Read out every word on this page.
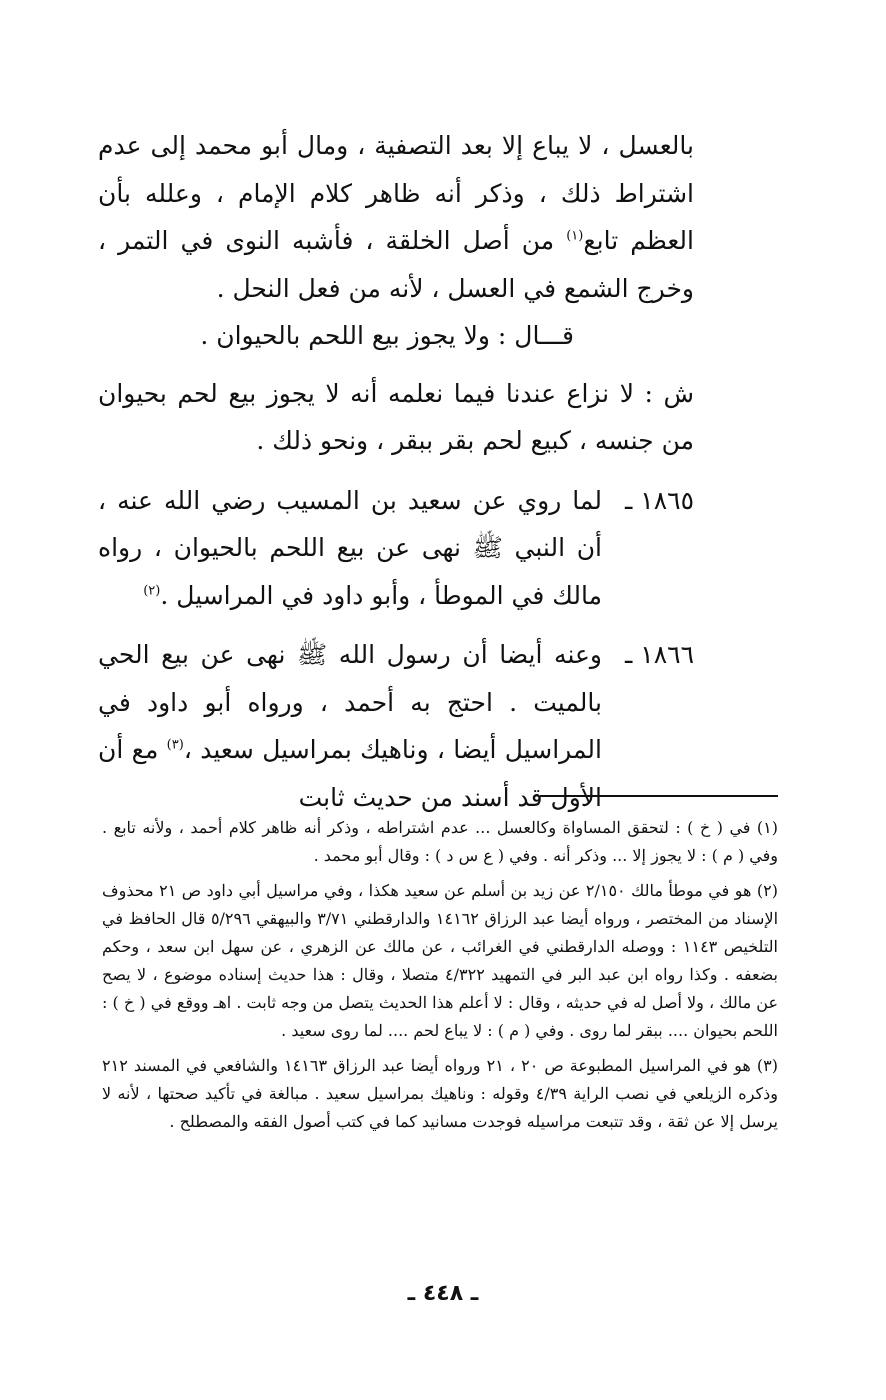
بالعسل ، لا يباع إلا بعد التصفية ، ومال أبو محمد إلى عدم اشتراط ذلك ، وذكر أنه ظاهر كلام الإمام ، وعلله بأن العظم تابع$^{(١)}$ من أصل الخلقة ، فأشبه النوى في التمر ، وخرج الشمع في العسل ، لأنه من فعل النحل .

قـــال : ولا يجوز بيع اللحم بالحيوان .

ش : لا نزاع عندنا فيما نعلمه أنه لا يجوز بيع لحم بحيوان من جنسه ، كبيع لحم بقر ببقر ، ونحو ذلك .

١٨٦٥ ـ
لما روي عن سعيد بن المسيب رضي الله عنه ، أن النبي ﷺ نهى عن بيع اللحم بالحيوان ، رواه مالك في الموطأ ، وأبو داود في المراسيل .$^{(٢)}$
١٨٦٦ ـ
وعنه أيضا أن رسول الله ﷺ نهى عن بيع الحي بالميت . احتج به أحمد ، ورواه أبو داود في المراسيل أيضا ، وناهيك بمراسيل سعيد ،$^{(٣)}$ مع أن الأول قد أسند من حديث ثابت

(١) في ( خ ) : لتحقق المساواة وكالعسل ... عدم اشتراطه ، وذكر أنه ظاهر كلام أحمد ، ولأنه تابع . وفي ( م ) : لا يجوز إلا ... وذكر أنه . وفي ( ع س د ) : وقال أبو محمد .

(٢) هو في موطأ مالك ٢/١٥٠ عن زيد بن أسلم عن سعيد هكذا ، وفي مراسيل أبي داود ص ٢١ محذوف الإسناد من المختصر ، ورواه أيضا عبد الرزاق ١٤١٦٢ والدارقطني ٣/٧١ والبيهقي ٥/٢٩٦ قال الحافظ في التلخيص ١١٤٣ : ووصله الدارقطني في الغرائب ، عن مالك عن الزهري ، عن سهل ابن سعد ، وحكم بضعفه . وكذا رواه ابن عبد البر في التمهيد ٤/٣٢٢ متصلا ، وقال : هذا حديث إسناده موضوع ، لا يصح عن مالك ، ولا أصل له في حديثه ، وقال : لا أعلم هذا الحديث يتصل من وجه ثابت . اهـ ووقع في ( خ ) : اللحم بحيوان .... ببقر لما روى . وفي ( م ) : لا يباع لحم .... لما روى سعيد .

(٣) هو في المراسيل المطبوعة ص ٢٠ ، ٢١ ورواه أيضا عبد الرزاق ١٤١٦٣ والشافعي في المسند ٢١٢ وذكره الزيلعي في نصب الراية ٤/٣٩ وقوله : وناهيك بمراسيل سعيد . مبالغة في تأكيد صحتها ، لأنه لا يرسل إلا عن ثقة ، وقد تتبعت مراسيله فوجدت مسانيد كما في كتب أصول الفقه والمصطلح .

ـ ٤٤٨ ـ
